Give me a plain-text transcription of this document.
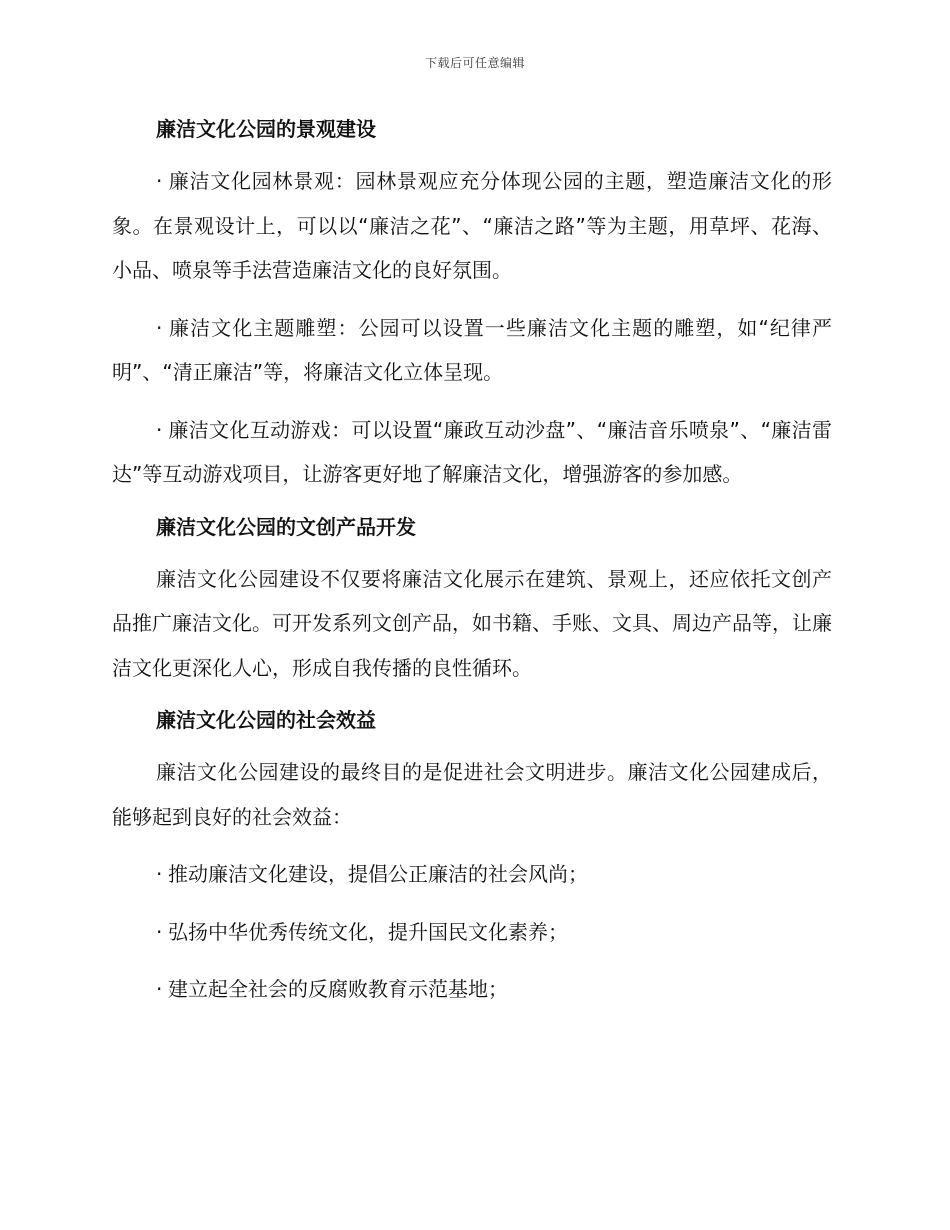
下载后可任意编辑
廉洁文化公园的景观建设

· 廉洁文化园林景观：园林景观应充分体现公园的主题，塑造廉洁文化的形象。在景观设计上，可以以“廉洁之花”、“廉洁之路”等为主题，用草坪、花海、小品、喷泉等手法营造廉洁文化的良好氛围。

· 廉洁文化主题雕塑：公园可以设置一些廉洁文化主题的雕塑，如“纪律严明”、“清正廉洁”等，将廉洁文化立体呈现。

· 廉洁文化互动游戏：可以设置“廉政互动沙盘”、“廉洁音乐喷泉”、“廉洁雷达”等互动游戏项目，让游客更好地了解廉洁文化，增强游客的参加感。

廉洁文化公园的文创产品开发

廉洁文化公园建设不仅要将廉洁文化展示在建筑、景观上，还应依托文创产品推广廉洁文化。可开发系列文创产品，如书籍、手账、文具、周边产品等，让廉洁文化更深化人心，形成自我传播的良性循环。

廉洁文化公园的社会效益

廉洁文化公园建设的最终目的是促进社会文明进步。廉洁文化公园建成后，能够起到良好的社会效益：

· 推动廉洁文化建设，提倡公正廉洁的社会风尚；

· 弘扬中华优秀传统文化，提升国民文化素养；

· 建立起全社会的反腐败教育示范基地；
